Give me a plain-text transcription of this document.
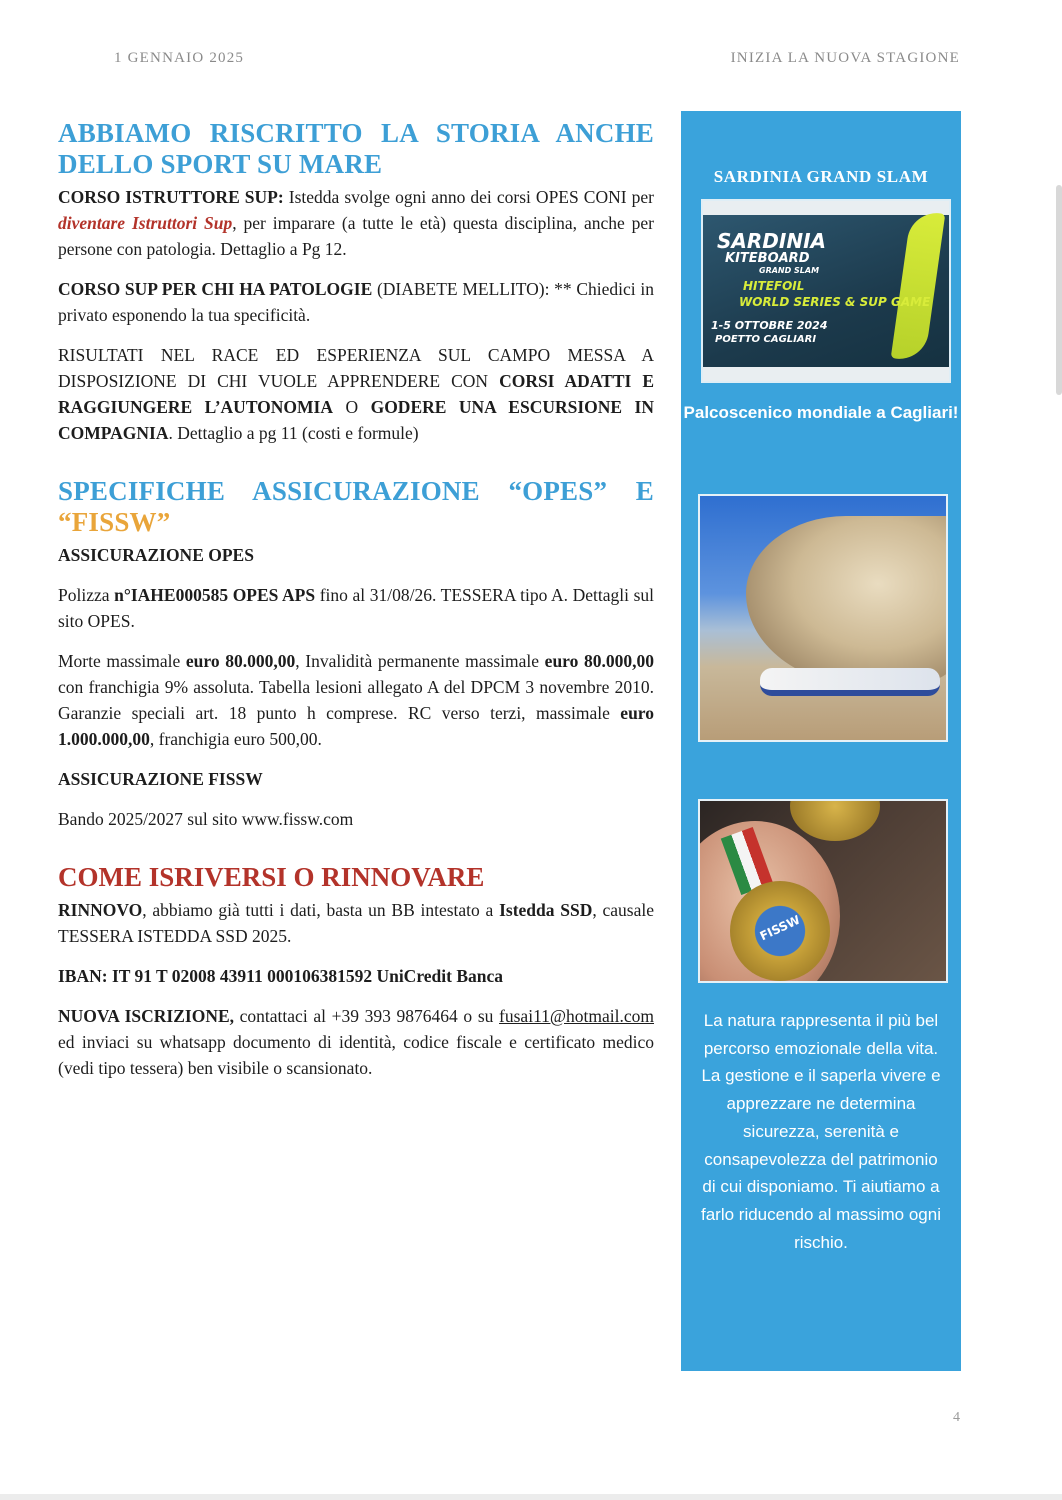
1 GENNAIO 2025	INIZIA LA NUOVA STAGIONE
ABBIAMO RISCRITTO LA STORIA ANCHE DELLO SPORT SU MARE

CORSO ISTRUTTORE SUP: Istedda svolge ogni anno dei corsi OPES CONI per diventare Istruttori Sup, per imparare (a tutte le età) questa disciplina, anche per persone con patologia. Dettaglio a Pg 12.

CORSO SUP PER CHI HA PATOLOGIE (DIABETE MELLITO): ** Chiedici in privato esponendo la tua specificità.

RISULTATI NEL RACE ED ESPERIENZA SUL CAMPO MESSA A DISPOSIZIONE DI CHI VUOLE APPRENDERE CON CORSI ADATTI E RAGGIUNGERE L’AUTONOMIA O GODERE UNA ESCURSIONE IN COMPAGNIA. Dettaglio a pg 11 (costi e formule)

SPECIFICHE ASSICURAZIONE “OPES” E “FISSW”
ASSICURAZIONE OPES

Polizza n°IAHE000585 OPES APS fino al 31/08/26. TESSERA tipo A. Dettagli sul sito OPES.

Morte massimale euro 80.000,00, Invalidità permanente massimale euro 80.000,00 con franchigia 9% assoluta. Tabella lesioni allegato A del DPCM 3 novembre 2010. Garanzie speciali art. 18 punto h comprese. RC verso terzi, massimale euro 1.000.000,00, franchigia euro 500,00.

ASSICURAZIONE FISSW

Bando 2025/2027 sul sito www.fissw.com

COME ISRIVERSI O RINNOVARE

RINNOVO, abbiamo già tutti i dati, basta un BB intestato a Istedda SSD, causale TESSERA ISTEDDA SSD 2025.

IBAN: IT 91 T 02008 43911 000106381592 UniCredit Banca

NUOVA ISCRIZIONE, contattaci al +39 393 9876464 o su fusai11@hotmail.com ed inviaci su whatsapp documento di identità, codice fiscale e certificato medico (vedi tipo tessera) ben visibile o scansionato.

SARDINIA GRAND SLAM
SARDINIA
KITEBOARD
GRAND SLAM
HITEFOIL
WORLD SERIES & SUP GAME
1-5 OTTOBRE 2024
POETTO CAGLIARI
Palcoscenico mondiale a Cagliari!
FISSW
La natura rappresenta il più bel percorso emozionale della vita. La gestione e il saperla vivere e apprezzare ne determina sicurezza, serenità e consapevolezza del patrimonio di cui disponiamo. Ti aiutiamo a farlo riducendo al massimo ogni rischio.
4
